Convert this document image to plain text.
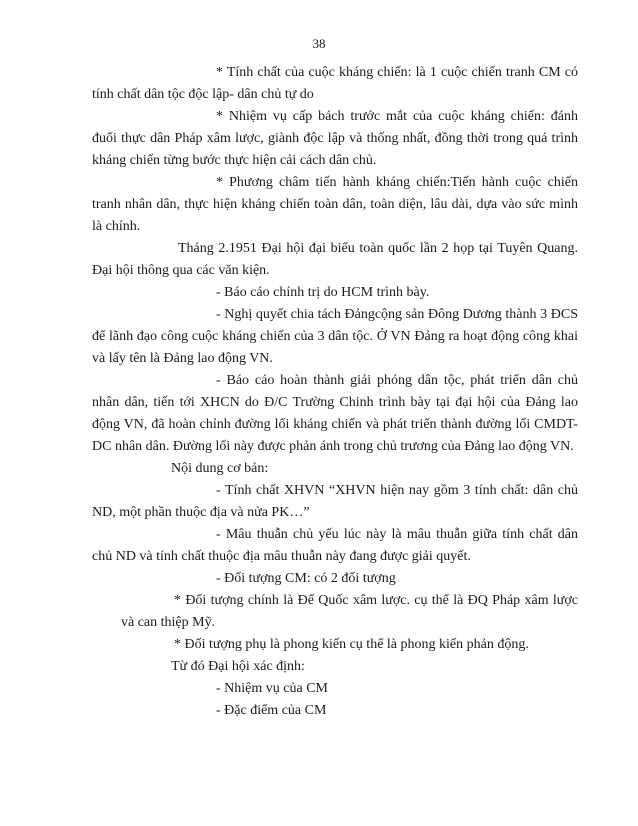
38

* Tính chất của cuộc kháng chiến: là 1 cuộc chiến tranh CM có tính chất dân tộc độc lập- dân chủ tự do

* Nhiệm vụ cấp bách trước mắt của cuộc kháng chiến: đánh đuổi thực dân Pháp xâm lược, giành độc lập và thống nhất, đồng thời trong quá trình kháng chiến từng bước thực hiện cải cách dân chủ.

* Phương châm tiến hành kháng chiến:Tiến hành cuộc chiến tranh nhân dân, thực hiện kháng chiến toàn dân, toàn diện, lâu dài, dựa vào sức mình là chính.

Tháng 2.1951 Đại hội đại biểu toàn quốc lần 2 họp tại Tuyên Quang. Đại hội thông qua các văn kiện.

- Báo cáo chính trị do HCM trình bày.

- Nghị quyết chia tách Đảngcộng sản Đông Dương thành 3 ĐCS để lãnh đạo công cuộc kháng chiến của 3 dân tộc. Ở VN Đảng ra hoạt động công khai và lấy tên là Đảng lao động VN.

- Báo cáo hoàn thành giải phóng dân tộc, phát triển dân chủ nhân dân, tiến tới XHCN do Đ/C Trường Chinh trình bày tại đại hội của Đảng lao động VN, đã hoàn chỉnh đường lối kháng chiến và phát triển thành đường lối CMDT- DC nhân dân. Đường lối này được phản ánh trong chủ trương của Đảng lao động VN.

Nội dung cơ bản:

- Tính chất XHVN “XHVN hiện nay gồm 3 tính chất: dân chủ ND, một phần thuộc địa và nửa PK…”

- Mâu thuẫn chủ yếu lúc này là mâu thuẫn giữa tính chất dân chủ ND và tính chất thuộc địa mâu thuẫn này đang được giải quyết.

- Đối tượng CM: có 2 đối tượng

* Đối tượng chính là Đế Quốc xâm lược. cụ thể là ĐQ Pháp xâm lược và can thiệp Mỹ.

* Đối tượng phụ là phong kiến cụ thể là phong kiến phản động.

Từ đó Đại hội xác định:

- Nhiệm vụ của CM

- Đặc điểm của CM
